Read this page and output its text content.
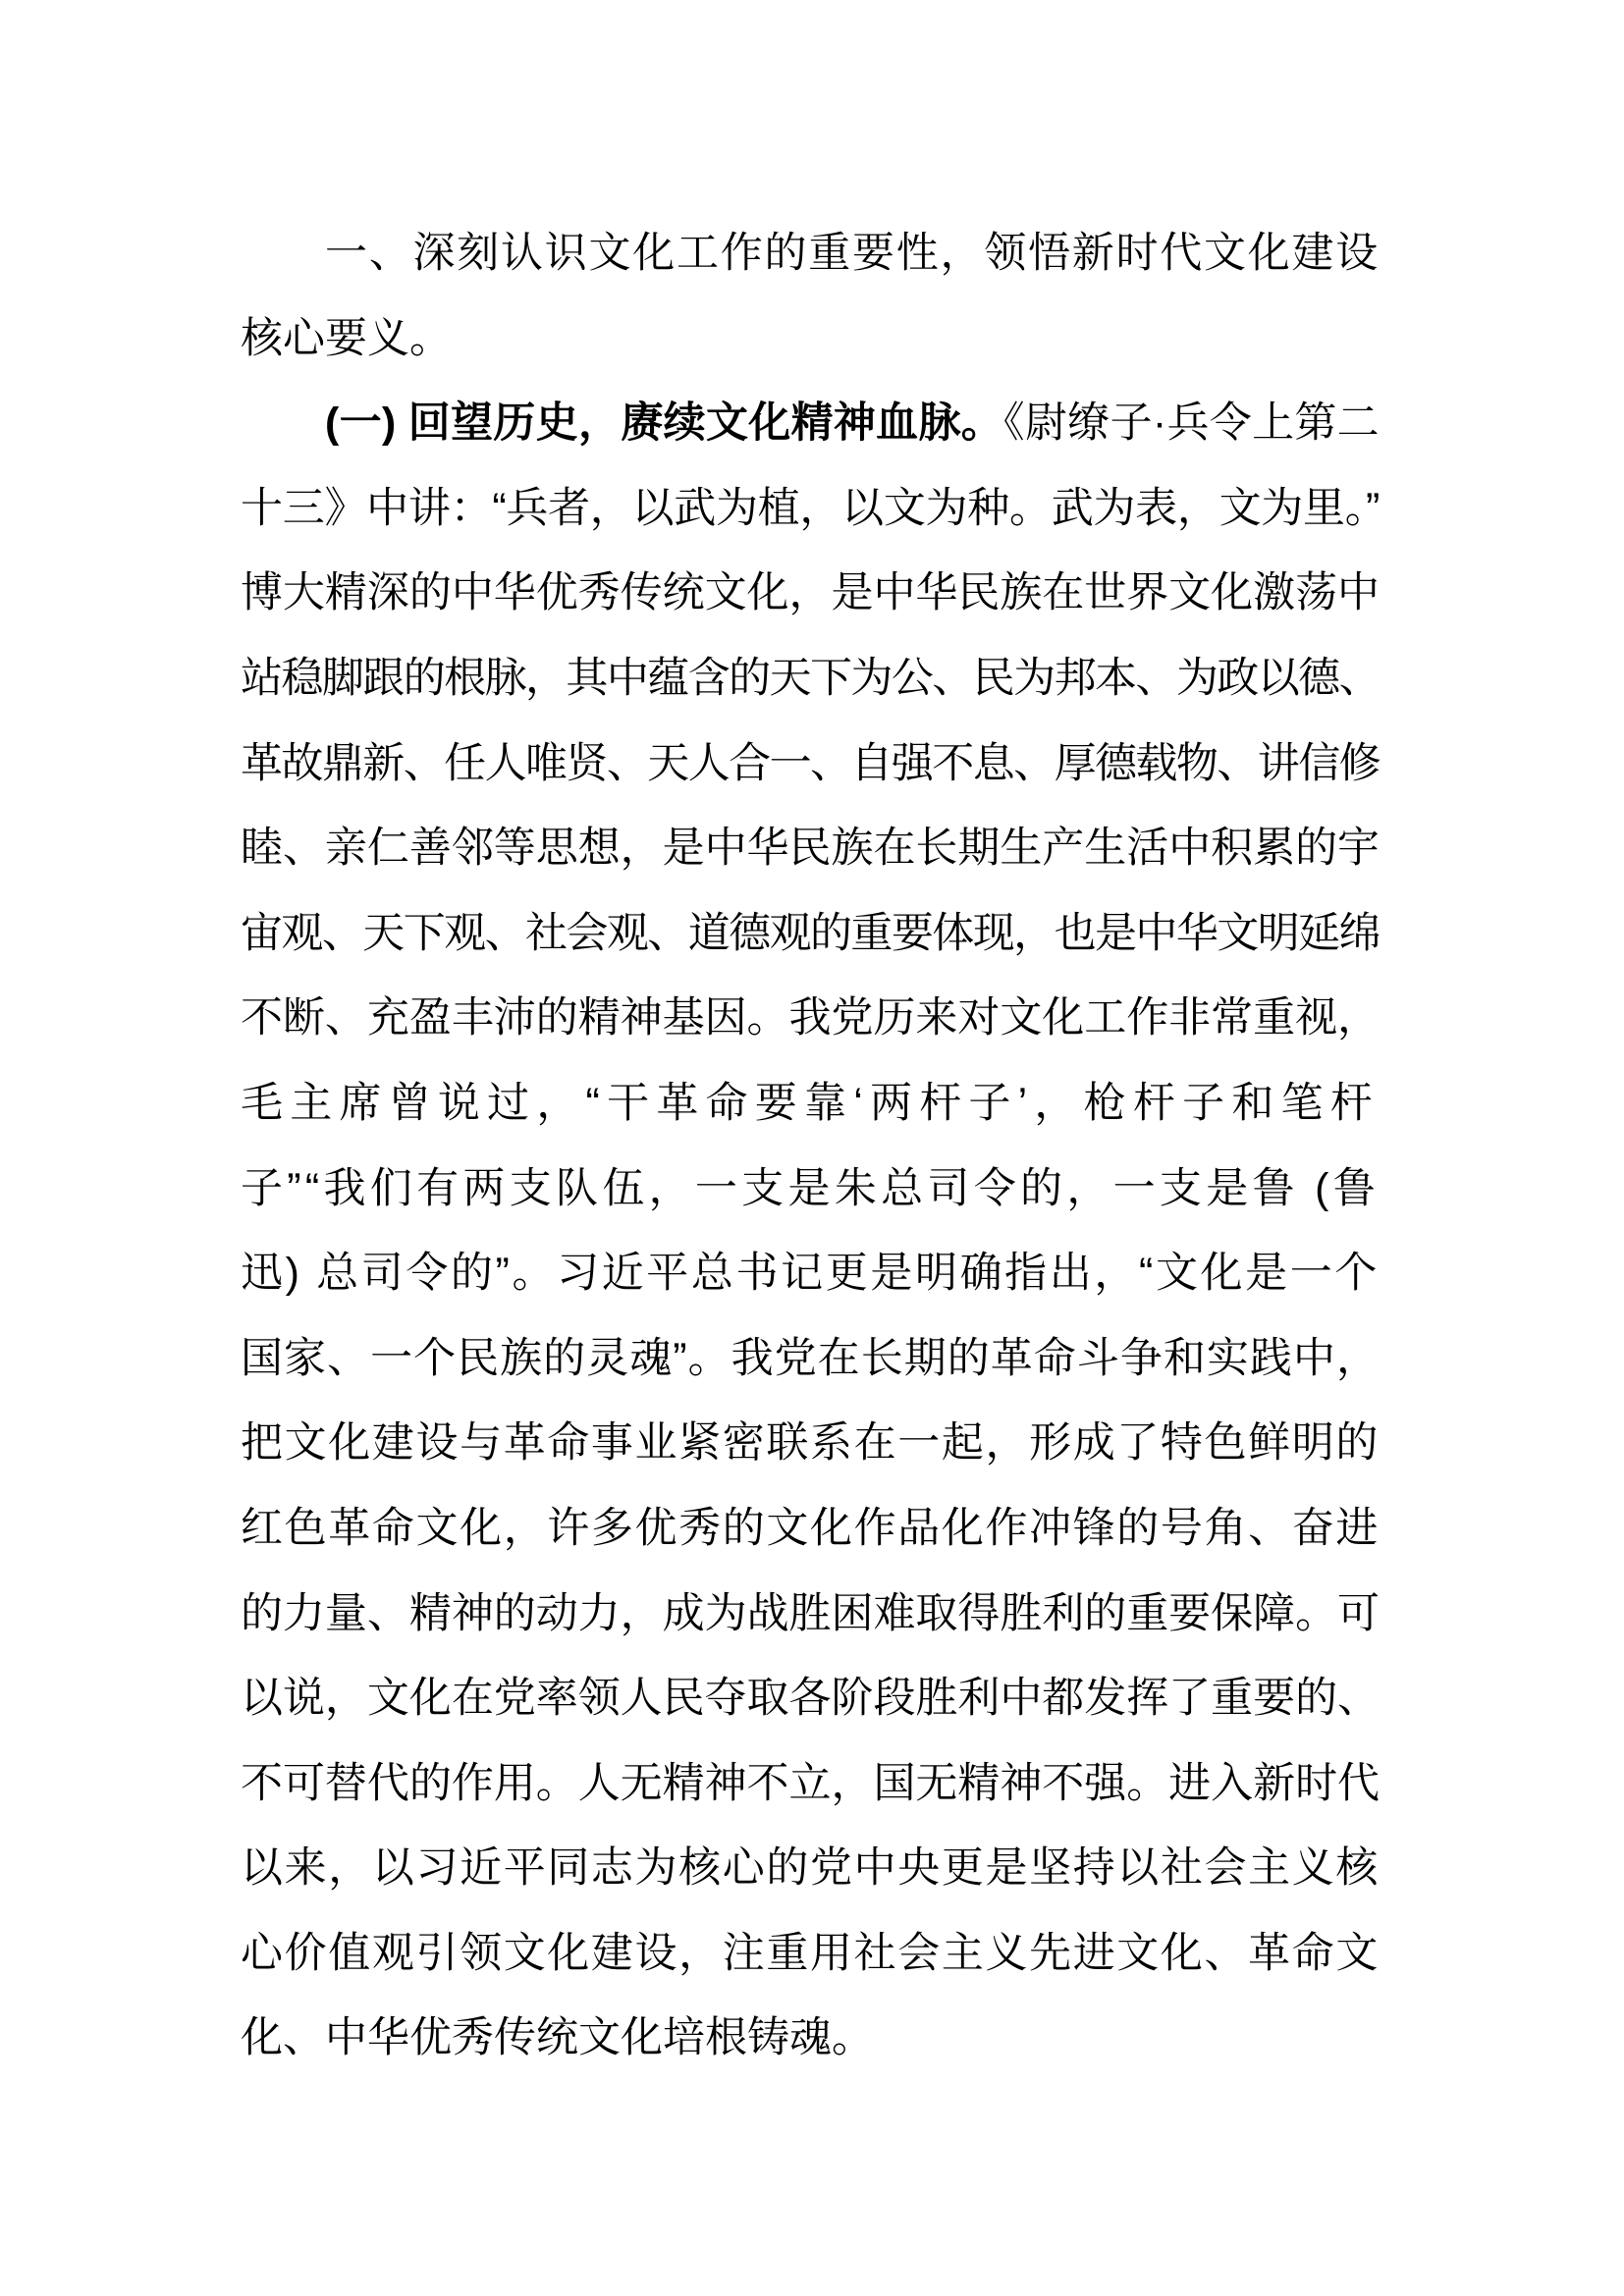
一、深刻认识文化工作的重要性，领悟新时代文化建设
核心要义。
(一) 回望历史，赓续文化精神血脉。《尉缭子·兵令上第二
十三》中讲：“兵者，以武为植，以文为种。武为表，文为里。”
博大精深的中华优秀传统文化，是中华民族在世界文化激荡中
站稳脚跟的根脉，其中蕴含的天下为公、民为邦本、为政以德、
革故鼎新、任人唯贤、天人合一、自强不息、厚德载物、讲信修
睦、亲仁善邻等思想，是中华民族在长期生产生活中积累的宇
宙观、天下观、社会观、道德观的重要体现，也是中华文明延绵
不断、充盈丰沛的精神基因。我党历来对文化工作非常重视，
毛主席曾说过，“干革命要靠‘两杆子’，枪杆子和笔杆
子”“我们有两支队伍，一支是朱总司令的，一支是鲁 (鲁
迅) 总司令的”。习近平总书记更是明确指出，“文化是一个
国家、一个民族的灵魂”。我党在长期的革命斗争和实践中，
把文化建设与革命事业紧密联系在一起，形成了特色鲜明的
红色革命文化，许多优秀的文化作品化作冲锋的号角、奋进
的力量、精神的动力，成为战胜困难取得胜利的重要保障。可
以说，文化在党率领人民夺取各阶段胜利中都发挥了重要的、
不可替代的作用。人无精神不立，国无精神不强。进入新时代
以来，以习近平同志为核心的党中央更是坚持以社会主义核
心价值观引领文化建设，注重用社会主义先进文化、革命文
化、中华优秀传统文化培根铸魂。
